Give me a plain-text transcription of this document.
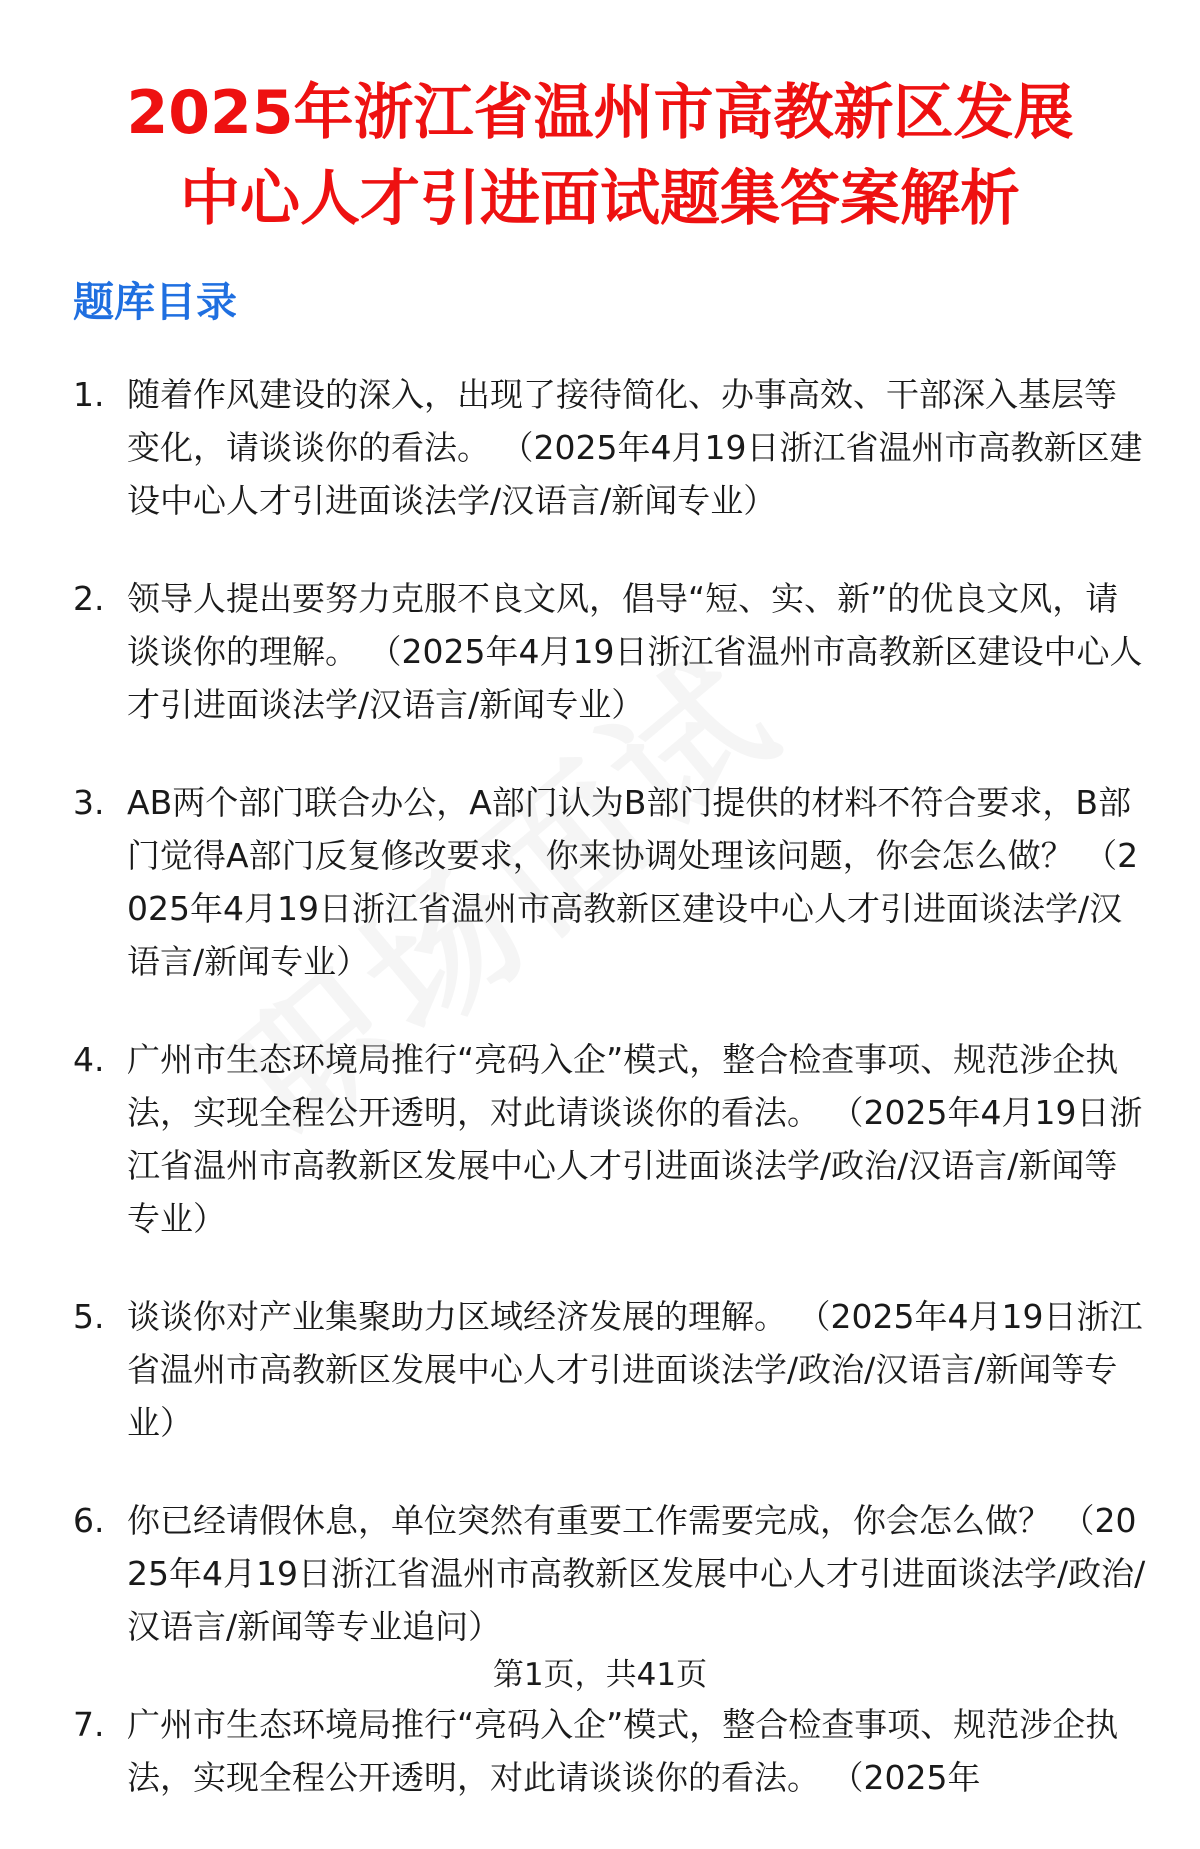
2025年浙江省温州市高教新区发展
中心人才引进面试题集答案解析
题库目录
1. 随着作风建设的深入，出现了接待简化、办事高效、干部深入基层等变化，请谈谈你的看法。 （2025年4月19日浙江省温州市高教新区建设中心人才引进面谈法学/汉语言/新闻专业）

2. 领导人提出要努力克服不良文风，倡导“短、实、新”的优良文风，请谈谈你的理解。 （2025年4月19日浙江省温州市高教新区建设中心人才引进面谈法学/汉语言/新闻专业）

3. AB两个部门联合办公，A部门认为B部门提供的材料不符合要求，B部门觉得A部门反复修改要求，你来协调处理该问题，你会怎么做？ （2025年4月19日浙江省温州市高教新区建设中心人才引进面谈法学/汉语言/新闻专业）

4. 广州市生态环境局推行“亮码入企”模式，整合检查事项、规范涉企执法，实现全程公开透明，对此请谈谈你的看法。 （2025年4月19日浙江省温州市高教新区发展中心人才引进面谈法学/政治/汉语言/新闻等专业）

5. 谈谈你对产业集聚助力区域经济发展的理解。 （2025年4月19日浙江省温州市高教新区发展中心人才引进面谈法学/政治/汉语言/新闻等专业）

6. 你已经请假休息，单位突然有重要工作需要完成，你会怎么做？ （2025年4月19日浙江省温州市高教新区发展中心人才引进面谈法学/政治/汉语言/新闻等专业追问）

7. 广州市生态环境局推行“亮码入企”模式，整合检查事项、规范涉企执法，实现全程公开透明，对此请谈谈你的看法。 （2025年

第1页，共41页
